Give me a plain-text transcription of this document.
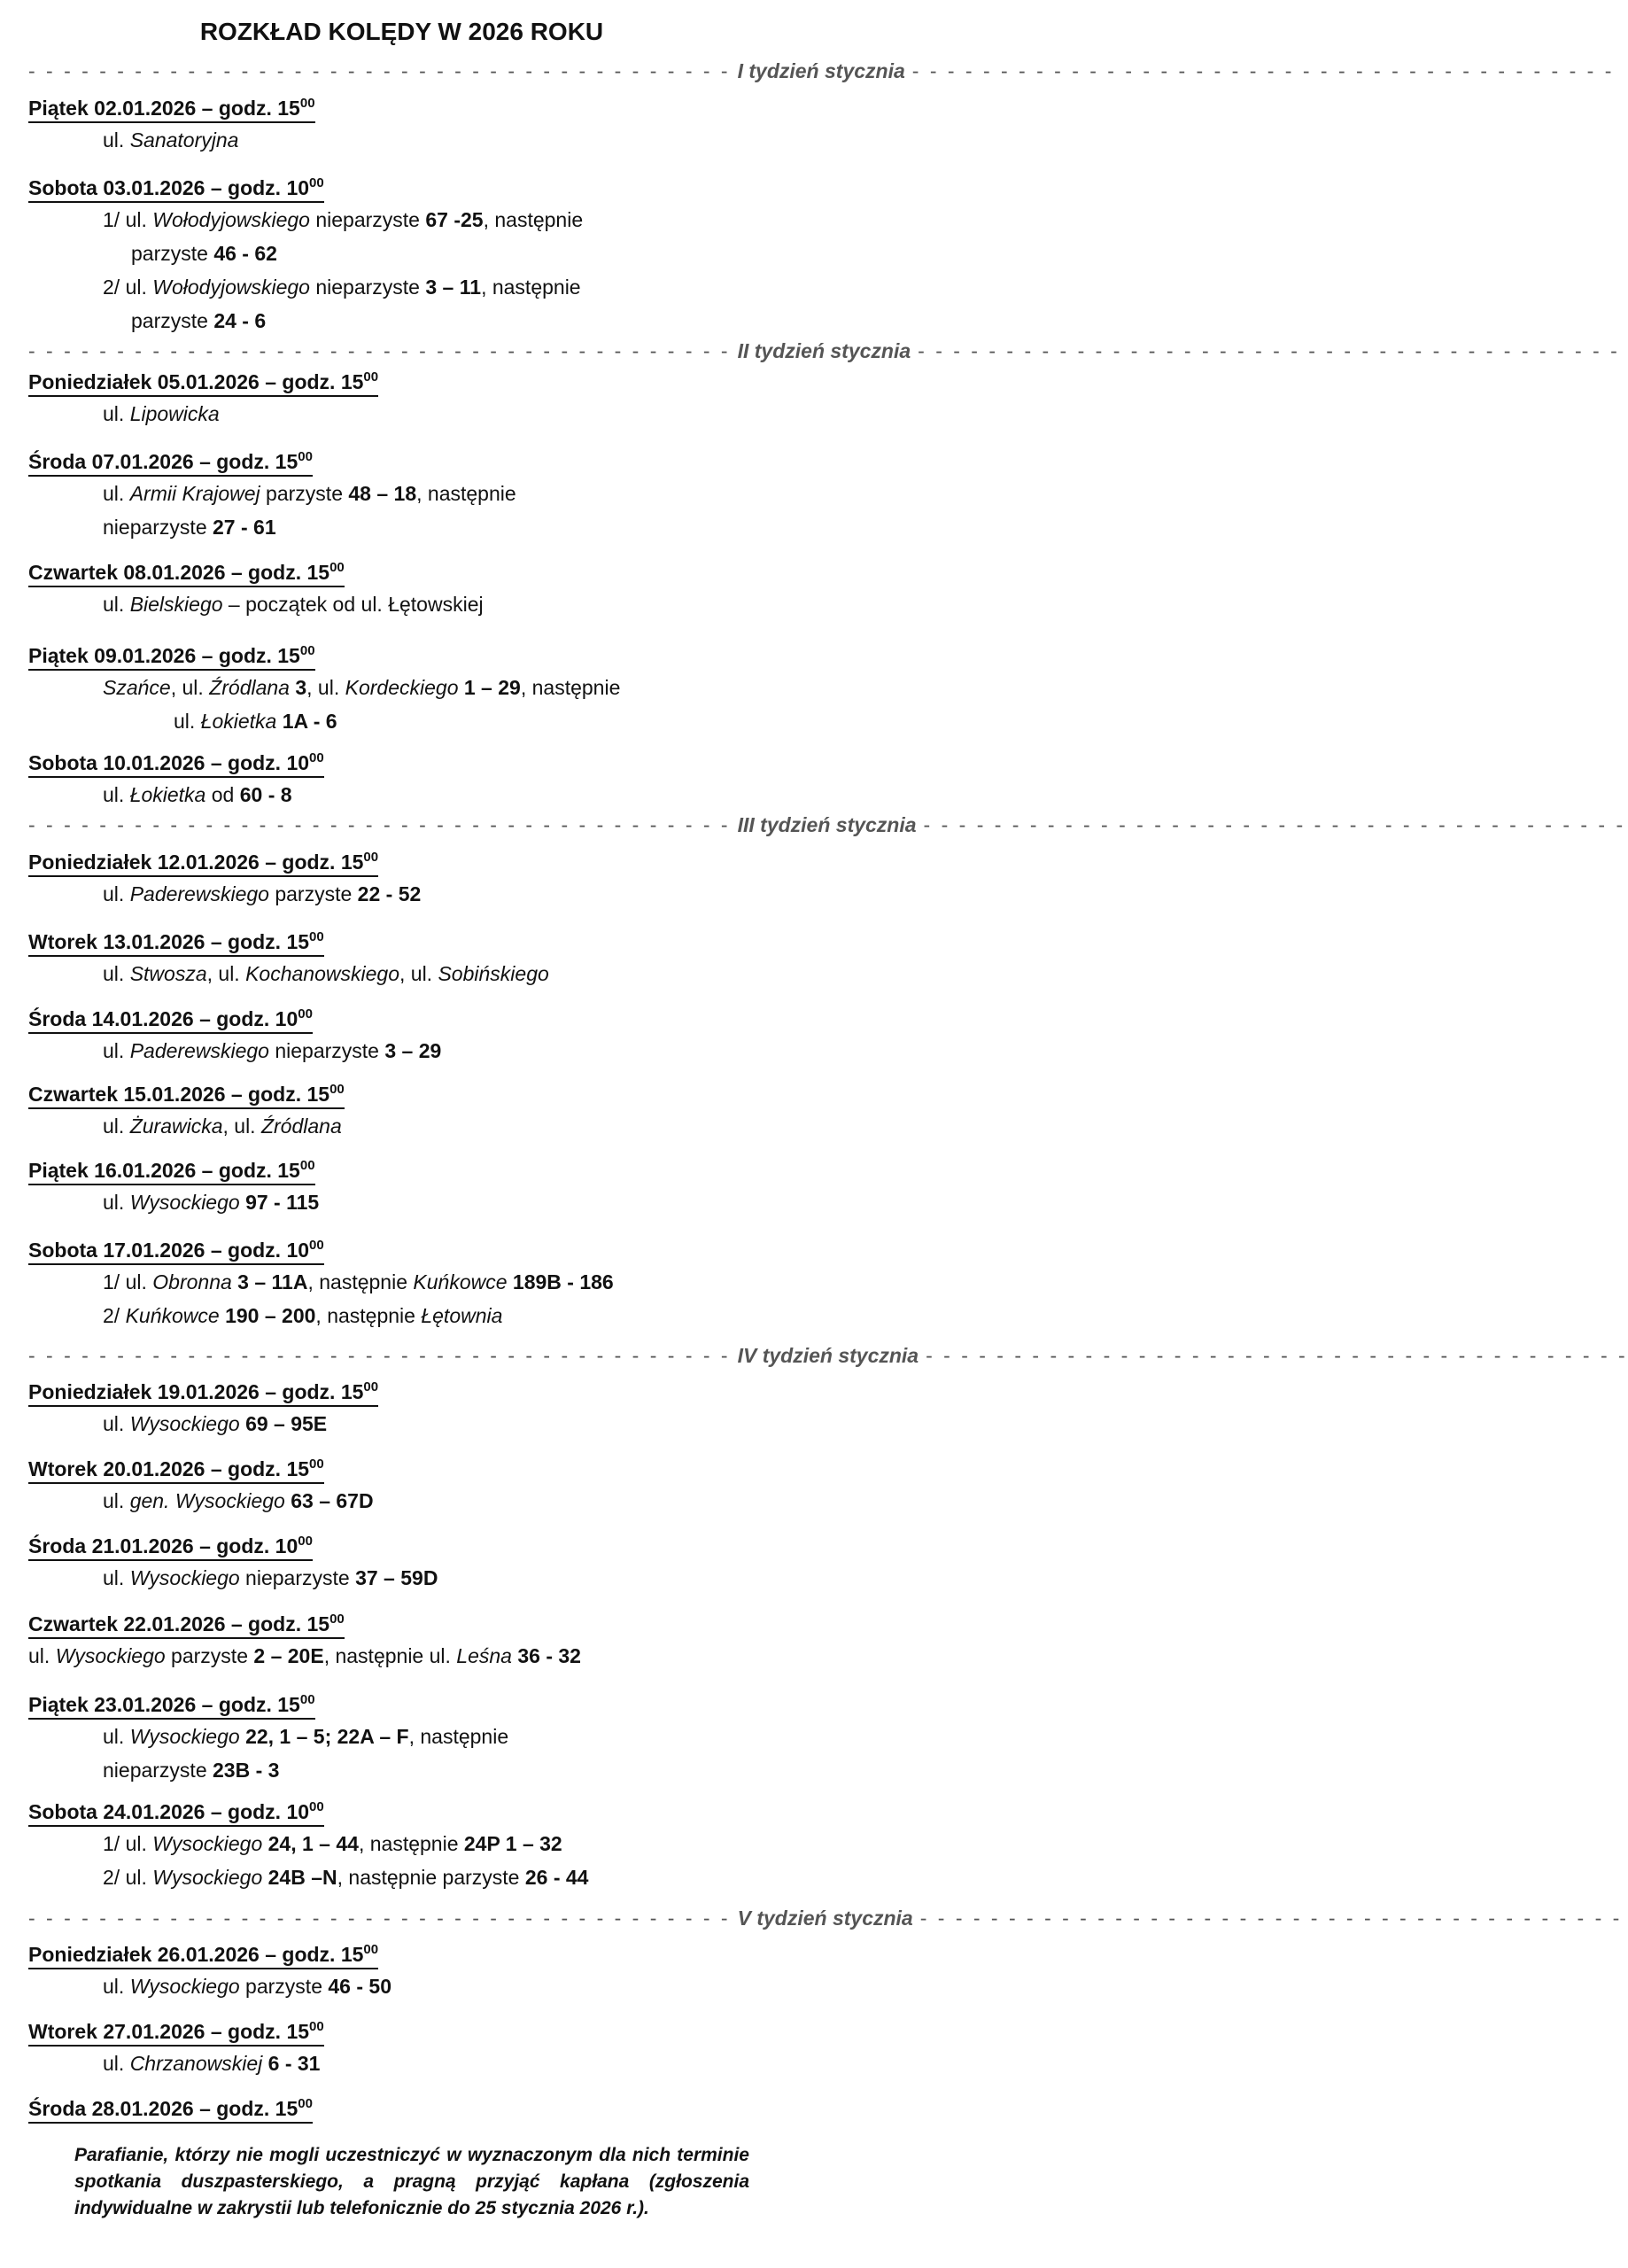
ROZKŁAD KOLĘDY W 2026 ROKU
- - - - - - - - - - - - - - - - - - - - - - - - - - - - - - - - - - - - - - - - I tydzień stycznia - - - - - - - - - - - - - - - - - - - - - - - - - - - - - - - - - - - - - - - -
- - - - - - - - - - - - - - - - - - - - - - - - - - - - - - - - - - - - - - - - II tydzień stycznia - - - - - - - - - - - - - - - - - - - - - - - - - - - - - - - - - - - - - - - -
- - - - - - - - - - - - - - - - - - - - - - - - - - - - - - - - - - - - - - - - III tydzień stycznia - - - - - - - - - - - - - - - - - - - - - - - - - - - - - - - - - - - - - - - -
- - - - - - - - - - - - - - - - - - - - - - - - - - - - - - - - - - - - - - - - IV tydzień stycznia - - - - - - - - - - - - - - - - - - - - - - - - - - - - - - - - - - - - - - - -
- - - - - - - - - - - - - - - - - - - - - - - - - - - - - - - - - - - - - - - - V tydzień stycznia - - - - - - - - - - - - - - - - - - - - - - - - - - - - - - - - - - - - - - - -
Parafianie, którzy nie mogli uczestniczyć w wyznaczonym dla nich terminie spotkania duszpasterskiego, a pragną przyjąć kapłana (zgłoszenia indywidualne w zakrystii lub telefonicznie do 25 stycznia 2026 r.).
Piątek 02.01.2026 – godz. $15^{00}$
ul. Sanatoryjna
Sobota 03.01.2026 – godz. $10^{00}$
1/ ul. Wołodyjowskiego nieparzyste 67 -25, następnie
parzyste 46 - 62
2/ ul. Wołodyjowskiego nieparzyste 3 – 11, następnie
parzyste 24 - 6
Poniedziałek 05.01.2026 – godz. $15^{00}$
ul. Lipowicka
Środa 07.01.2026 – godz. $15^{00}$
ul. Armii Krajowej parzyste 48 – 18, następnie
nieparzyste 27 - 61
Czwartek 08.01.2026 – godz. $15^{00}$
ul. Bielskiego – początek od ul. Łętowskiej
Piątek 09.01.2026 – godz. $15^{00}$
Szańce, ul. Źródlana 3, ul. Kordeckiego 1 – 29, następnie
ul. Łokietka 1A - 6
Sobota 10.01.2026 – godz. $10^{00}$
ul. Łokietka od 60 - 8
Poniedziałek 12.01.2026 – godz. $15^{00}$
ul. Paderewskiego parzyste 22 - 52
Wtorek 13.01.2026 – godz. $15^{00}$
ul. Stwosza, ul. Kochanowskiego, ul. Sobińskiego
Środa 14.01.2026 – godz. $10^{00}$
ul. Paderewskiego nieparzyste 3 – 29
Czwartek 15.01.2026 – godz. $15^{00}$
ul. Żurawicka, ul. Źródlana
Piątek 16.01.2026 – godz. $15^{00}$
ul. Wysockiego 97 - 115
Sobota 17.01.2026 – godz. $10^{00}$
1/ ul. Obronna 3 – 11A, następnie Kuńkowce 189B - 186
2/ Kuńkowce 190 – 200, następnie Łętownia
Poniedziałek 19.01.2026 – godz. $15^{00}$
ul. Wysockiego 69 – 95E
Wtorek 20.01.2026 – godz. $15^{00}$
ul. gen. Wysockiego 63 – 67D
Środa 21.01.2026 – godz. $10^{00}$
ul. Wysockiego nieparzyste 37 – 59D
Czwartek 22.01.2026 – godz. $15^{00}$
ul. Wysockiego parzyste 2 – 20E, następnie ul. Leśna 36 - 32
Piątek 23.01.2026 – godz. $15^{00}$
ul. Wysockiego 22, 1 – 5; 22A – F, następnie
nieparzyste 23B - 3
Sobota 24.01.2026 – godz. $10^{00}$
1/ ul. Wysockiego 24, 1 – 44, następnie 24P 1 – 32
2/ ul. Wysockiego 24B –N, następnie parzyste 26 - 44
Poniedziałek 26.01.2026 – godz. $15^{00}$
ul. Wysockiego parzyste 46 - 50
Wtorek 27.01.2026 – godz. $15^{00}$
ul. Chrzanowskiej 6 - 31
Środa 28.01.2026 – godz. $15^{00}$
